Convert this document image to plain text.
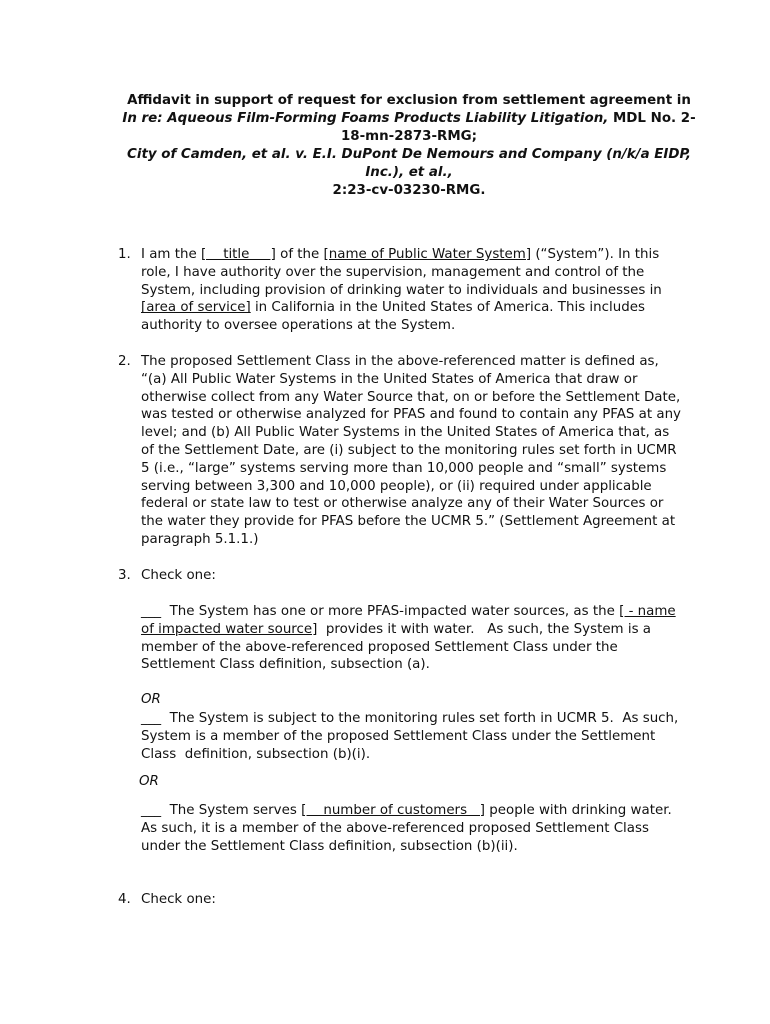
Affidavit in support of request for exclusion from settlement agreement in
In re: Aqueous Film-Forming Foams Products Liability Litigation, MDL No. 2-18-mn-2873-RMG;
City of Camden, et al. v. E.I. DuPont De Nemours and Company (n/k/a EIDP, Inc.), et al.,
2:23-cv-03230-RMG.
1. I am the [    title     ] of the [name of Public Water System] (“System”). In this role, I have authority over the supervision, management and control of the System, including provision of drinking water to individuals and businesses in [area of service] in California in the United States of America. This includes authority to oversee operations at the System.
2. The proposed Settlement Class in the above-referenced matter is defined as, “(a) All Public Water Systems in the United States of America that draw or otherwise collect from any Water Source that, on or before the Settlement Date, was tested or otherwise analyzed for PFAS and found to contain any PFAS at any level; and (b) All Public Water Systems in the United States of America that, as of the Settlement Date, are (i) subject to the monitoring rules set forth in UCMR 5 (i.e., “large” systems serving more than 10,000 people and “small” systems serving between 3,300 and 10,000 people), or (ii) required under applicable federal or state law to test or otherwise analyze any of their Water Sources or the water they provide for PFAS before the UCMR 5.” (Settlement Agreement at paragraph 5.1.1.)
3. Check one:
___  The System has one or more PFAS-impacted water sources, as the [ - name of impacted water source]  provides it with water.   As such, the System is a member of the above-referenced proposed Settlement Class under the Settlement Class definition, subsection (a).
OR
___  The System is subject to the monitoring rules set forth in UCMR 5.  As such, System is a member of the proposed Settlement Class under the Settlement Class  definition, subsection (b)(i).
OR
___  The System serves [    number of customers   ] people with drinking water. As such, it is a member of the above-referenced proposed Settlement Class under the Settlement Class definition, subsection (b)(ii).
4. Check one:
